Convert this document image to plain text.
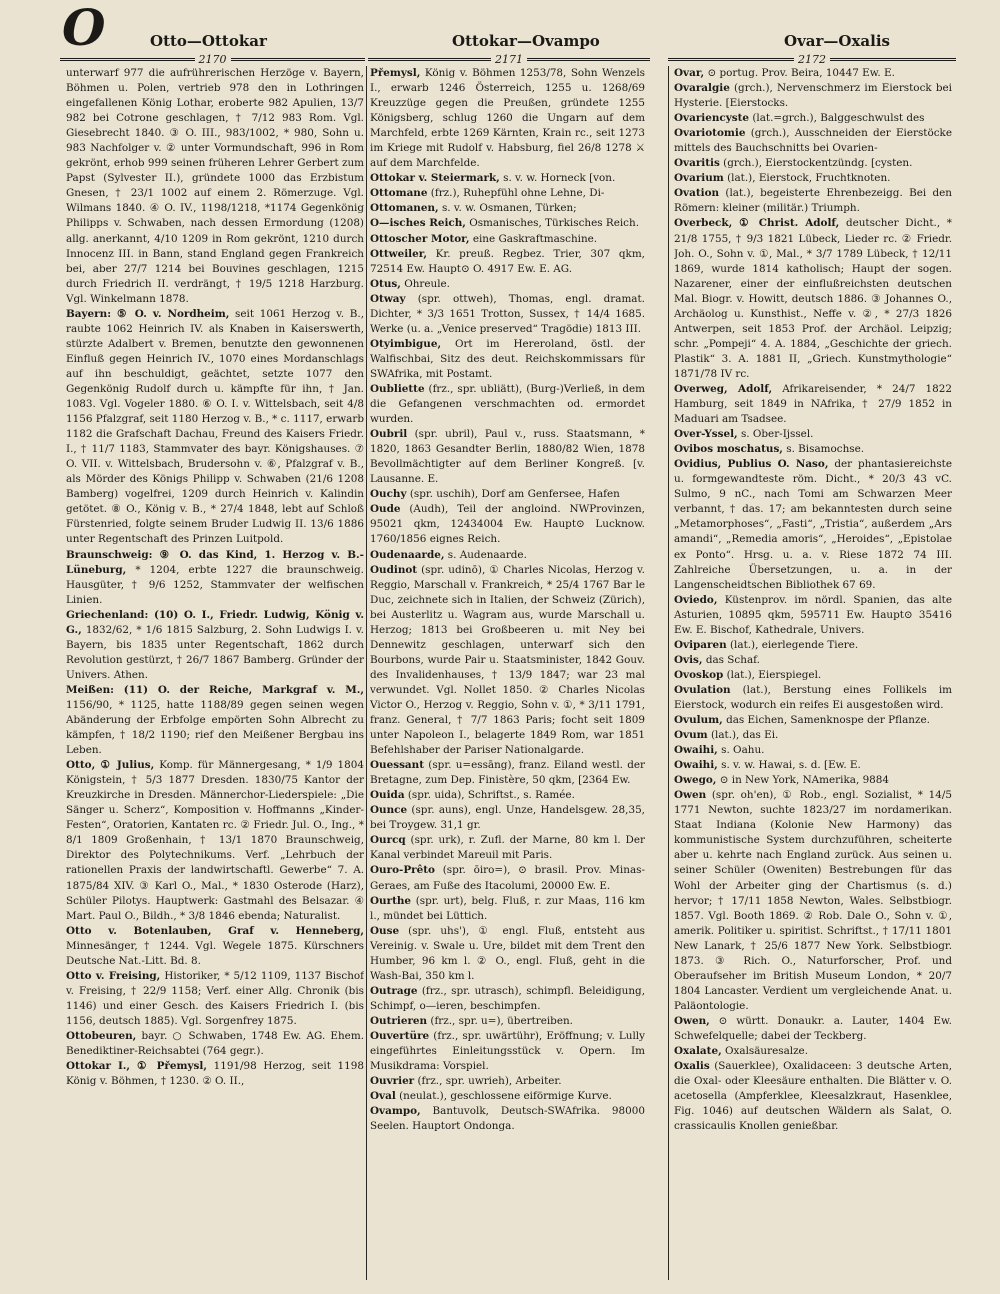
O	Otto—Ottokar	Ottokar—Ovampo	Ovar—Oxalis
2170	2171	2172

unterwarf 977 die aufrührerischen Herzöge v. Bayern, Böhmen u. Polen, vertrieb 978 den in Lothringen eingefallenen König Lothar, eroberte 982 Apulien, 13/7 982 bei Cotrone geschlagen, † 7/12 983 Rom. Vgl. Giesebrecht 1840. ③ O. III., 983/1002, * 980, Sohn u. 983 Nachfolger v. ② unter Vormundschaft, 996 in Rom gekrönt, erhob 999 seinen früheren Lehrer Gerbert zum Papst (Sylvester II.), gründete 1000 das Erzbistum Gnesen, † 23/1 1002 auf einem 2. Römerzuge. Vgl. Wilmans 1840. ④ O. IV., 1198/1218, *1174 Gegenkönig Philipps v. Schwaben, nach dessen Ermordung (1208) allg. anerkannt, 4/10 1209 in Rom gekrönt, 1210 durch Innocenz III. in Bann, stand England gegen Frankreich bei, aber 27/7 1214 bei Bouvines geschlagen, 1215 durch Friedrich II. verdrängt, † 19/5 1218 Harzburg. Vgl. Winkelmann 1878.

Bayern: ⑤ O. v. Nordheim, seit 1061 Herzog v. B., raubte 1062 Heinrich IV. als Knaben in Kaiserswerth, stürzte Adalbert v. Bremen, benutzte den gewonnenen Einfluß gegen Heinrich IV., 1070 eines Mordanschlags auf ihn beschuldigt, geächtet, setzte 1077 den Gegenkönig Rudolf durch u. kämpfte für ihn, † Jan. 1083. Vgl. Vogeler 1880. ⑥ O. I. v. Wittelsbach, seit 4/8 1156 Pfalzgraf, seit 1180 Herzog v. B., * c. 1117, erwarb 1182 die Grafschaft Dachau, Freund des Kaisers Friedr. I., † 11/7 1183, Stammvater des bayr. Königshauses. ⑦ O. VII. v. Wittelsbach, Brudersohn v. ⑥, Pfalzgraf v. B., als Mörder des Königs Philipp v. Schwaben (21/6 1208 Bamberg) vogelfrei, 1209 durch Heinrich v. Kalindin getötet. ⑧ O., König v. B., * 27/4 1848, lebt auf Schloß Fürstenried, folgte seinem Bruder Ludwig II. 13/6 1886 unter Regentschaft des Prinzen Luitpold.

Braunschweig: ⑨ O. das Kind, 1. Herzog v. B.-Lüneburg, * 1204, erbte 1227 die braunschweig. Hausgüter, † 9/6 1252, Stammvater der welfischen Linien.

Griechenland: (10) O. I., Friedr. Ludwig, König v. G., 1832/62, * 1/6 1815 Salzburg, 2. Sohn Ludwigs I. v. Bayern, bis 1835 unter Regentschaft, 1862 durch Revolution gestürzt, † 26/7 1867 Bamberg. Gründer der Univers. Athen.

Meißen: (11) O. der Reiche, Markgraf v. M., 1156/90, * 1125, hatte 1188/89 gegen seinen wegen Abänderung der Erbfolge empörten Sohn Albrecht zu kämpfen, † 18/2 1190; rief den Meißener Bergbau ins Leben.

Otto, ① Julius, Komp. für Männergesang, * 1/9 1804 Königstein, † 5/3 1877 Dresden. 1830/75 Kantor der Kreuzkirche in Dresden. Männerchor-Liederspiele: „Die Sänger u. Scherz“, Komposition v. Hoffmanns „Kinder-Festen“, Oratorien, Kantaten rc. ② Friedr. Jul. O., Ing., * 8/1 1809 Großenhain, † 13/1 1870 Braunschweig, Direktor des Polytechnikums. Verf. „Lehrbuch der rationellen Praxis der landwirtschaftl. Gewerbe“ 7. A. 1875/84 XIV. ③ Karl O., Mal., * 1830 Osterode (Harz), Schüler Pilotys. Hauptwerk: Gastmahl des Belsazar. ④ Mart. Paul O., Bildh., * 3/8 1846 ebenda; Naturalist.

Otto v. Botenlauben, Graf v. Henneberg, Minnesänger, † 1244. Vgl. Wegele 1875. Kürschners Deutsche Nat.-Litt. Bd. 8.

Otto v. Freising, Historiker, * 5/12 1109, 1137 Bischof v. Freising, † 22/9 1158; Verf. einer Allg. Chronik (bis 1146) und einer Gesch. des Kaisers Friedrich I. (bis 1156, deutsch 1885). Vgl. Sorgenfrey 1875.

Ottobeuren, bayr. ○ Schwaben, 1748 Ew. AG. Ehem. Benediktiner-Reichsabtei (764 gegr.).

Ottokar I., ① Přemysl, 1191/98 Herzog, seit 1198 König v. Böhmen, † 1230. ② O. II.,

Přemysl, König v. Böhmen 1253/78, Sohn Wenzels I., erwarb 1246 Österreich, 1255 u. 1268/69 Kreuzzüge gegen die Preußen, gründete 1255 Königsberg, schlug 1260 die Ungarn auf dem Marchfeld, erbte 1269 Kärnten, Krain rc., seit 1273 im Kriege mit Rudolf v. Habsburg, fiel 26/8 1278 ⚔ auf dem Marchfelde.

Ottokar v. Steiermark, s. v. w. Horneck [von.

Ottomane (frz.), Ruhepfühl ohne Lehne, Di-

Ottomanen, s. v. w. Osmanen, Türken;

O—isches Reich, Osmanisches, Türkisches Reich.

Ottoscher Motor, eine Gaskraftmaschine.

Ottweiler, Kr. preuß. Regbez. Trier, 307 qkm, 72514 Ew. Haupt⊙ O. 4917 Ew. E. AG.

Otus, Ohreule.

Otway (spr. ottweh), Thomas, engl. dramat. Dichter, * 3/3 1651 Trotton, Sussex, † 14/4 1685. Werke (u. a. „Venice preserved“ Tragödie) 1813 III.

Otyimbigue, Ort im Hereroland, östl. der Walfischbai, Sitz des deut. Reichskommissars für SWAfrika, mit Postamt.

Oubliette (frz., spr. ubliätt), (Burg-)Verließ, in dem die Gefangenen verschmachten od. ermordet wurden.

Oubril (spr. ubril), Paul v., russ. Staatsmann, * 1820, 1863 Gesandter Berlin, 1880/82 Wien, 1878 Bevollmächtigter auf dem Berliner Kongreß. [v. Lausanne. E.

Ouchy (spr. uschih), Dorf am Genfersee, Hafen

Oude (Audh), Teil der angloind. NWProvinzen, 95021 qkm, 12434004 Ew. Haupt⊙ Lucknow. 1760/1856 eignes Reich.

Oudenaarde, s. Audenaarde.

Oudinot (spr. udinō), ① Charles Nicolas, Herzog v. Reggio, Marschall v. Frankreich, * 25/4 1767 Bar le Duc, zeichnete sich in Italien, der Schweiz (Zürich), bei Austerlitz u. Wagram aus, wurde Marschall u. Herzog; 1813 bei Großbeeren u. mit Ney bei Dennewitz geschlagen, unterwarf sich den Bourbons, wurde Pair u. Staatsminister, 1842 Gouv. des Invalidenhauses, † 13/9 1847; war 23 mal verwundet. Vgl. Nollet 1850. ② Charles Nicolas Victor O., Herzog v. Reggio, Sohn v. ①, * 3/11 1791, franz. General, † 7/7 1863 Paris; focht seit 1809 unter Napoleon I., belagerte 1849 Rom, war 1851 Befehlshaber der Pariser Nationalgarde.

Ouessant (spr. u=essāng), franz. Eiland westl. der Bretagne, zum Dep. Finistère, 50 qkm, [2364 Ew.

Ouida (spr. uida), Schriftst., s. Ramée.

Ounce (spr. auns), engl. Unze, Handelsgew. 28,35, bei Troygew. 31,1 gr.

Ourcq (spr. urk), r. Zufl. der Marne, 80 km l. Der Kanal verbindet Mareuil mit Paris.

Ouro-Prêto (spr. ōiro=), ⊙ brasil. Prov. Minas-Geraes, am Fuße des Itacolumi, 20000 Ew. E.

Ourthe (spr. urt), belg. Fluß, r. zur Maas, 116 km l., mündet bei Lüttich.

Ouse (spr. uhs'), ① engl. Fluß, entsteht aus Vereinig. v. Swale u. Ure, bildet mit dem Trent den Humber, 96 km l. ② O., engl. Fluß, geht in die Wash-Bai, 350 km l.

Outrage (frz., spr. utrasch), schimpfl. Beleidigung, Schimpf, o—ieren, beschimpfen.

Outrieren (frz., spr. u=), übertreiben.

Ouvertüre (frz., spr. uwärtühr), Eröffnung; v. Lully eingeführtes Einleitungsstück v. Opern. Im Musikdrama: Vorspiel.

Ouvrier (frz., spr. uwrieh), Arbeiter.

Oval (neulat.), geschlossene eiförmige Kurve.

Ovampo, Bantuvolk, Deutsch-SWAfrika. 98000 Seelen. Hauptort Ondonga.

Ovar, ⊙ portug. Prov. Beira, 10447 Ew. E.

Ovaralgie (grch.), Nervenschmerz im Eierstock bei Hysterie. [Eierstocks.

Ovariencyste (lat.=grch.), Balggeschwulst des

Ovariotomie (grch.), Ausschneiden der Eierstöcke mittels des Bauchschnitts bei Ovarien-

Ovaritis (grch.), Eierstockentzündg. [cysten.

Ovarium (lat.), Eierstock, Fruchtknoten.

Ovation (lat.), begeisterte Ehrenbezeigg. Bei den Römern: kleiner (militär.) Triumph.

Overbeck, ① Christ. Adolf, deutscher Dicht., * 21/8 1755, † 9/3 1821 Lübeck, Lieder rc. ② Friedr. Joh. O., Sohn v. ①, Mal., * 3/7 1789 Lübeck, † 12/11 1869, wurde 1814 katholisch; Haupt der sogen. Nazarener, einer der einflußreichsten deutschen Mal. Biogr. v. Howitt, deutsch 1886. ③ Johannes O., Archäolog u. Kunsthist., Neffe v. ②, * 27/3 1826 Antwerpen, seit 1853 Prof. der Archäol. Leipzig; schr. „Pompeji“ 4. A. 1884, „Geschichte der griech. Plastik“ 3. A. 1881 II, „Griech. Kunstmythologie“ 1871/78 IV rc.

Overweg, Adolf, Afrikareisender, * 24/7 1822 Hamburg, seit 1849 in NAfrika, † 27/9 1852 in Maduari am Tsadsee.

Over-Yssel, s. Ober-Ijssel.

Ovibos moschatus, s. Bisamochse.

Ovidius, Publius O. Naso, der phantasiereichste u. formgewandteste röm. Dicht., * 20/3 43 vC. Sulmo, 9 nC., nach Tomi am Schwarzen Meer verbannt, † das. 17; am bekanntesten durch seine „Metamorphoses“, „Fasti“, „Tristia“, außerdem „Ars amandi“, „Remedia amoris“, „Heroides“, „Epistolae ex Ponto“. Hrsg. u. a. v. Riese 1872 74 III. Zahlreiche Übersetzungen, u. a. in der Langenscheidtschen Bibliothek 67 69.

Oviedo, Küstenprov. im nördl. Spanien, das alte Asturien, 10895 qkm, 595711 Ew. Haupt⊙ 35416 Ew. E. Bischof, Kathedrale, Univers.

Oviparen (lat.), eierlegende Tiere.

Ovis, das Schaf.

Ovoskop (lat.), Eierspiegel.

Ovulation (lat.), Berstung eines Follikels im Eierstock, wodurch ein reifes Ei ausgestoßen wird.

Ovulum, das Eichen, Samenknospe der Pflanze.

Ovum (lat.), das Ei.

Owaihi, s. Oahu.

Owaihi, s. v. w. Hawai, s. d. [Ew. E.

Owego, ⊙ in New York, NAmerika, 9884

Owen (spr. oh'en), ① Rob., engl. Sozialist, * 14/5 1771 Newton, suchte 1823/27 im nordamerikan. Staat Indiana (Kolonie New Harmony) das kommunistische System durchzuführen, scheiterte aber u. kehrte nach England zurück. Aus seinen u. seiner Schüler (Oweniten) Bestrebungen für das Wohl der Arbeiter ging der Chartismus (s. d.) hervor; † 17/11 1858 Newton, Wales. Selbstbiogr. 1857. Vgl. Booth 1869. ② Rob. Dale O., Sohn v. ①, amerik. Politiker u. spiritist. Schriftst., † 17/11 1801 New Lanark, † 25/6 1877 New York. Selbstbiogr. 1873. ③ Rich. O., Naturforscher, Prof. und Oberaufseher im British Museum London, * 20/7 1804 Lancaster. Verdient um vergleichende Anat. u. Paläontologie.

Owen, ⊙ württ. Donaukr. a. Lauter, 1404 Ew. Schwefelquelle; dabei der Teckberg.

Oxalate, Oxalsäuresalze.

Oxalis (Sauerklee), Oxalidaceen: 3 deutsche Arten, die Oxal- oder Kleesäure enthalten. Die Blätter v. O. acetosella (Ampferklee, Kleesalzkraut, Hasenklee, Fig. 1046) auf deutschen Wäldern als Salat, O. crassicaulis Knollen genießbar.
